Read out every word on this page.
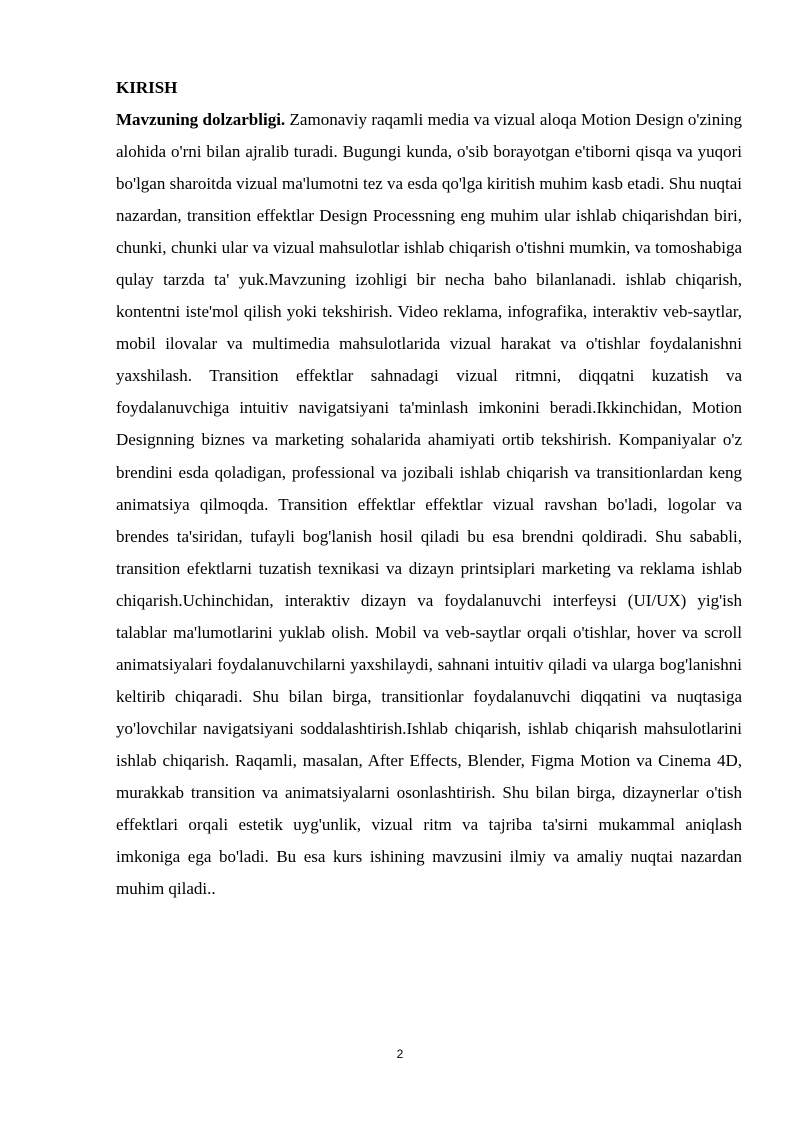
KIRISH

Mavzuning dolzarbligi. Zamonaviy raqamli media va vizual aloqa Motion Design o'zining alohida o'rni bilan ajralib turadi. Bugungi kunda, o'sib borayotgan e'tiborni qisqa va yuqori bo'lgan sharoitda vizual ma'lumotni tez va esda qo'lga kiritish muhim kasb etadi. Shu nuqtai nazardan, transition effektlar Design Processning eng muhim ular ishlab chiqarishdan biri, chunki, chunki ular va vizual mahsulotlar ishlab chiqarish o'tishni mumkin, va tomoshabiga qulay tarzda ta' yuk.Mavzuning izohligi bir necha baho bilanlanadi. ishlab chiqarish, kontentni iste'mol qilish yoki tekshirish. Video reklama, infografika, interaktiv veb-saytlar, mobil ilovalar va multimedia mahsulotlarida vizual harakat va o'tishlar foydalanishni yaxshilash. Transition effektlar sahnadagi vizual ritmni, diqqatni kuzatish va foydalanuvchiga intuitiv navigatsiyani ta'minlash imkonini beradi.Ikkinchidan, Motion Designning biznes va marketing sohalarida ahamiyati ortib tekshirish. Kompaniyalar o'z brendini esda qoladigan, professional va jozibali ishlab chiqarish va transitionlardan keng animatsiya qilmoqda. Transition effektlar effektlar vizual ravshan bo'ladi, logolar va brendes ta'siridan, tufayli bog'lanish hosil qiladi bu esa brendni qoldiradi. Shu sababli, transition efektlarni tuzatish texnikasi va dizayn printsiplari marketing va reklama ishlab chiqarish.Uchinchidan, interaktiv dizayn va foydalanuvchi interfeysi (UI/UX) yig'ish talablar ma'lumotlarini yuklab olish. Mobil va veb-saytlar orqali o'tishlar, hover va scroll animatsiyalari foydalanuvchilarni yaxshilaydi, sahnani intuitiv qiladi va ularga bog'lanishni keltirib chiqaradi. Shu bilan birga, transitionlar foydalanuvchi diqqatini va nuqtasiga yo'lovchilar navigatsiyani soddalashtirish.Ishlab chiqarish, ishlab chiqarish mahsulotlarini ishlab chiqarish. Raqamli, masalan, After Effects, Blender, Figma Motion va Cinema 4D, murakkab transition va animatsiyalarni osonlashtirish. Shu bilan birga, dizaynerlar o'tish effektlari orqali estetik uyg'unlik, vizual ritm va tajriba ta'sirni mukammal aniqlash imkoniga ega bo'ladi. Bu esa kurs ishining mavzusini ilmiy va amaliy nuqtai nazardan muhim qiladi..

2
